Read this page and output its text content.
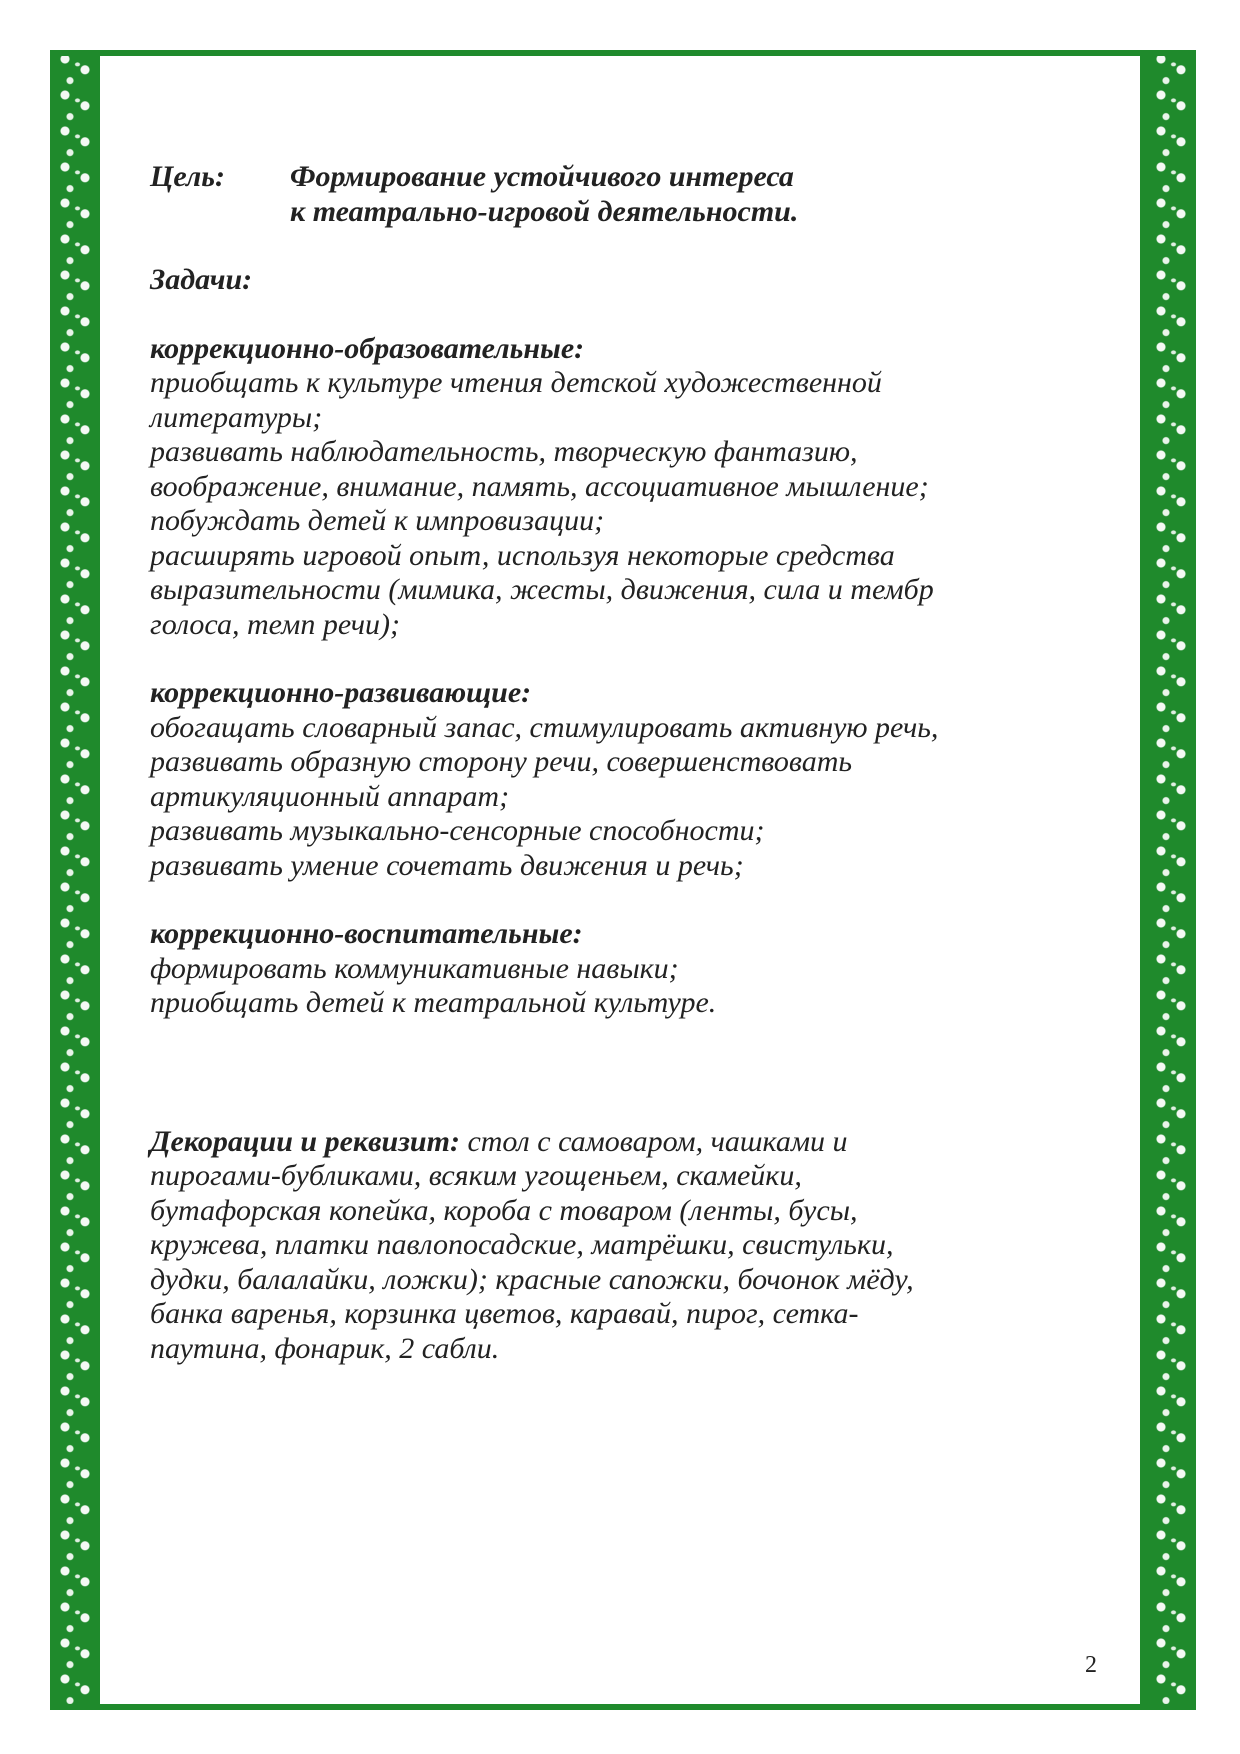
Цель:	Формирование устойчивого интереса
к театрально-игровой деятельности.
Задачи:
коррекционно-образовательные:
приобщать к культуре чтения детской художественной
литературы;
развивать наблюдательность, творческую фантазию,
воображение, внимание, память, ассоциативное мышление;
побуждать детей к импровизации;
расширять игровой опыт, используя некоторые средства
выразительности (мимика, жесты, движения, сила и тембр
голоса, темп речи);
коррекционно-развивающие:
обогащать словарный запас, стимулировать активную речь,
развивать образную сторону речи, совершенствовать
артикуляционный аппарат;
развивать музыкально-сенсорные способности;
развивать умение сочетать движения и речь;
коррекционно-воспитательные:
формировать коммуникативные навыки;
приобщать детей к театральной культуре.
Декорации и реквизит: стол с самоваром, чашками и
пирогами-бубликами, всяким угощеньем, скамейки,
бутафорская копейка, короба с товаром (ленты, бусы,
кружева, платки павлопосадские, матрёшки, свистульки,
дудки, балалайки, ложки); красные сапожки, бочонок мёду,
банка варенья, корзинка цветов, каравай, пирог, сетка-
паутина, фонарик, 2 сабли.
2
